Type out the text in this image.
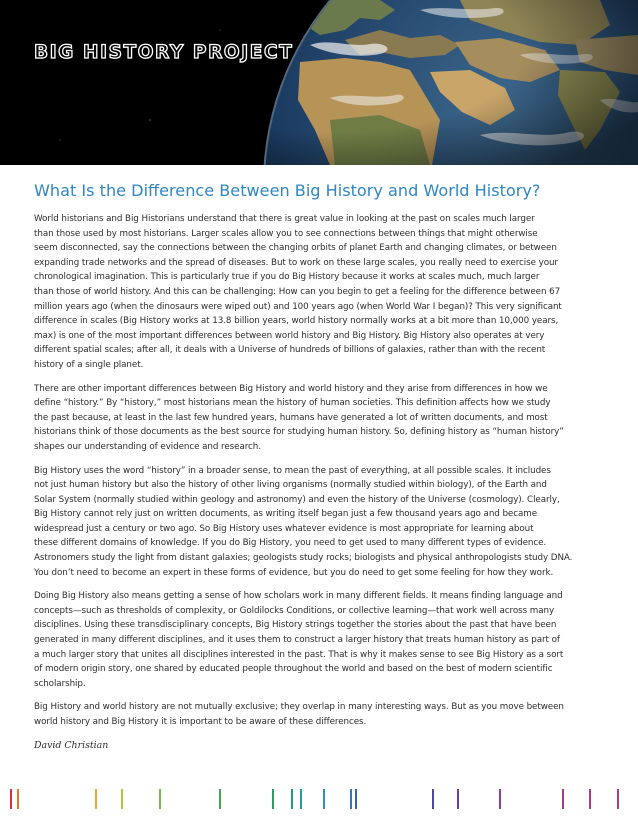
BIG HISTORY PROJECT
What Is the Difference Between Big History and World History?

World historians and Big Historians understand that there is great value in looking at the past on scales much larger
than those used by most historians. Larger scales allow you to see connections between things that might otherwise
seem disconnected, say the connections between the changing orbits of planet Earth and changing climates, or between
expanding trade networks and the spread of diseases. But to work on these large scales, you really need to exercise your
chronological imagination. This is particularly true if you do Big History because it works at scales much, much larger
than those of world history. And this can be challenging: How can you begin to get a feeling for the difference between 67
million years ago (when the dinosaurs were wiped out) and 100 years ago (when World War I began)? This very significant
difference in scales (Big History works at 13.8 billion years, world history normally works at a bit more than 10,000 years,
max) is one of the most important differences between world history and Big History. Big History also operates at very
different spatial scales; after all, it deals with a Universe of hundreds of billions of galaxies, rather than with the recent
history of a single planet.

There are other important differences between Big History and world history and they arise from differences in how we
define “history.” By “history,” most historians mean the history of human societies. This definition affects how we study
the past because, at least in the last few hundred years, humans have generated a lot of written documents, and most
historians think of those documents as the best source for studying human history. So, defining history as “human history”
shapes our understanding of evidence and research.

Big History uses the word “history” in a broader sense, to mean the past of everything, at all possible scales. It includes
not just human history but also the history of other living organisms (normally studied within biology), of the Earth and
Solar System (normally studied within geology and astronomy) and even the history of the Universe (cosmology). Clearly,
Big History cannot rely just on written documents, as writing itself began just a few thousand years ago and became
widespread just a century or two ago. So Big History uses whatever evidence is most appropriate for learning about
these different domains of knowledge. If you do Big History, you need to get used to many different types of evidence.
Astronomers study the light from distant galaxies; geologists study rocks; biologists and physical anthropologists study DNA.
You don’t need to become an expert in these forms of evidence, but you do need to get some feeling for how they work.

Doing Big History also means getting a sense of how scholars work in many different fields. It means finding language and
concepts—such as thresholds of complexity, or Goldilocks Conditions, or collective learning—that work well across many
disciplines. Using these transdisciplinary concepts, Big History strings together the stories about the past that have been
generated in many different disciplines, and it uses them to construct a larger history that treats human history as part of
a much larger story that unites all disciplines interested in the past. That is why it makes sense to see Big History as a sort
of modern origin story, one shared by educated people throughout the world and based on the best of modern scientific
scholarship.

Big History and world history are not mutually exclusive; they overlap in many interesting ways. But as you move between
world history and Big History it is important to be aware of these differences.

David Christian
